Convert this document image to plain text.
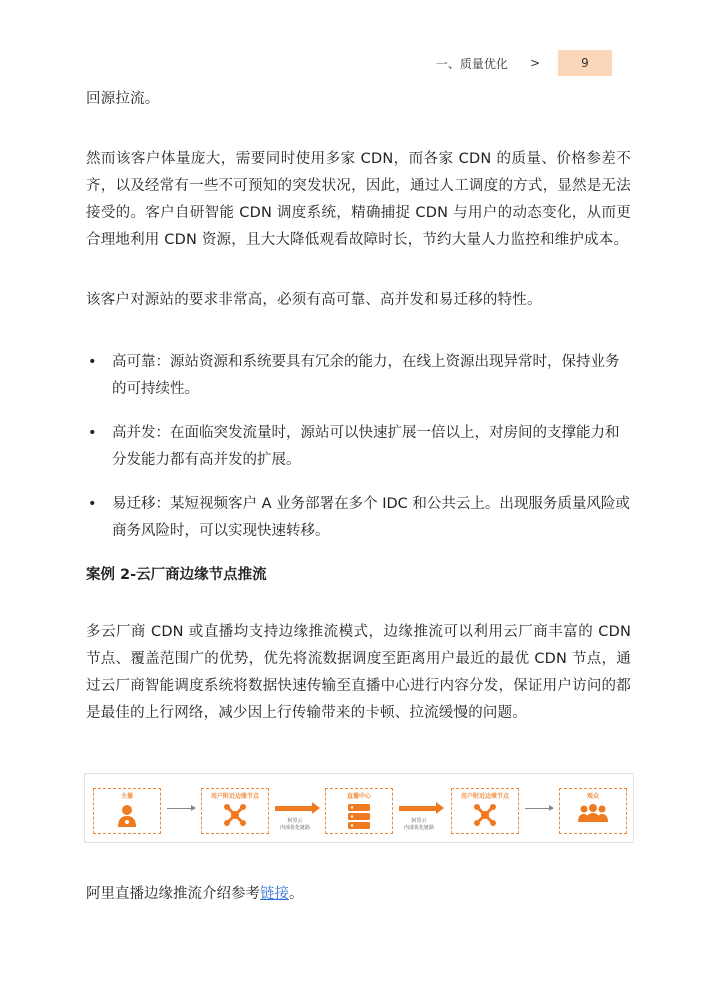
一、质量优化 >	9

回源拉流。

然而该客户体量庞大，需要同时使用多家 CDN，而各家 CDN 的质量、价格参差不齐，以及经常有一些不可预知的突发状况，因此，通过人工调度的方式，显然是无法接受的。客户自研智能 CDN 调度系统，精确捕捉 CDN 与用户的动态变化，从而更合理地利用 CDN 资源，且大大降低观看故障时长，节约大量人力监控和维护成本。

该客户对源站的要求非常高，必须有高可靠、高并发和易迁移的特性。

• 高可靠：源站资源和系统要具有冗余的能力，在线上资源出现异常时，保持业务的可持续性。
• 高并发：在面临突发流量时，源站可以快速扩展一倍以上，对房间的支撑能力和分发能力都有高并发的扩展。
• 易迁移：某短视频客户 A 业务部署在多个 IDC 和公共云上。出现服务质量风险或商务风险时，可以实现快速转移。
案例 2-云厂商边缘节点推流

多云厂商 CDN 或直播均支持边缘推流模式，边缘推流可以利用云厂商丰富的 CDN 节点、覆盖范围广的优势，优先将流数据调度至距离用户最近的最优 CDN 节点，通过云厂商智能调度系统将数据快速传输至直播中心进行内容分发，保证用户访问的都是最佳的上行网络，减少因上行传输带来的卡顿、拉流缓慢的问题。

主播	用户附近边缘节点
阿里云
内部优化链路
直播中心
阿里云
内部优化链路
用户附近边缘节点	观众
阿里直播边缘推流介绍参考链接。
